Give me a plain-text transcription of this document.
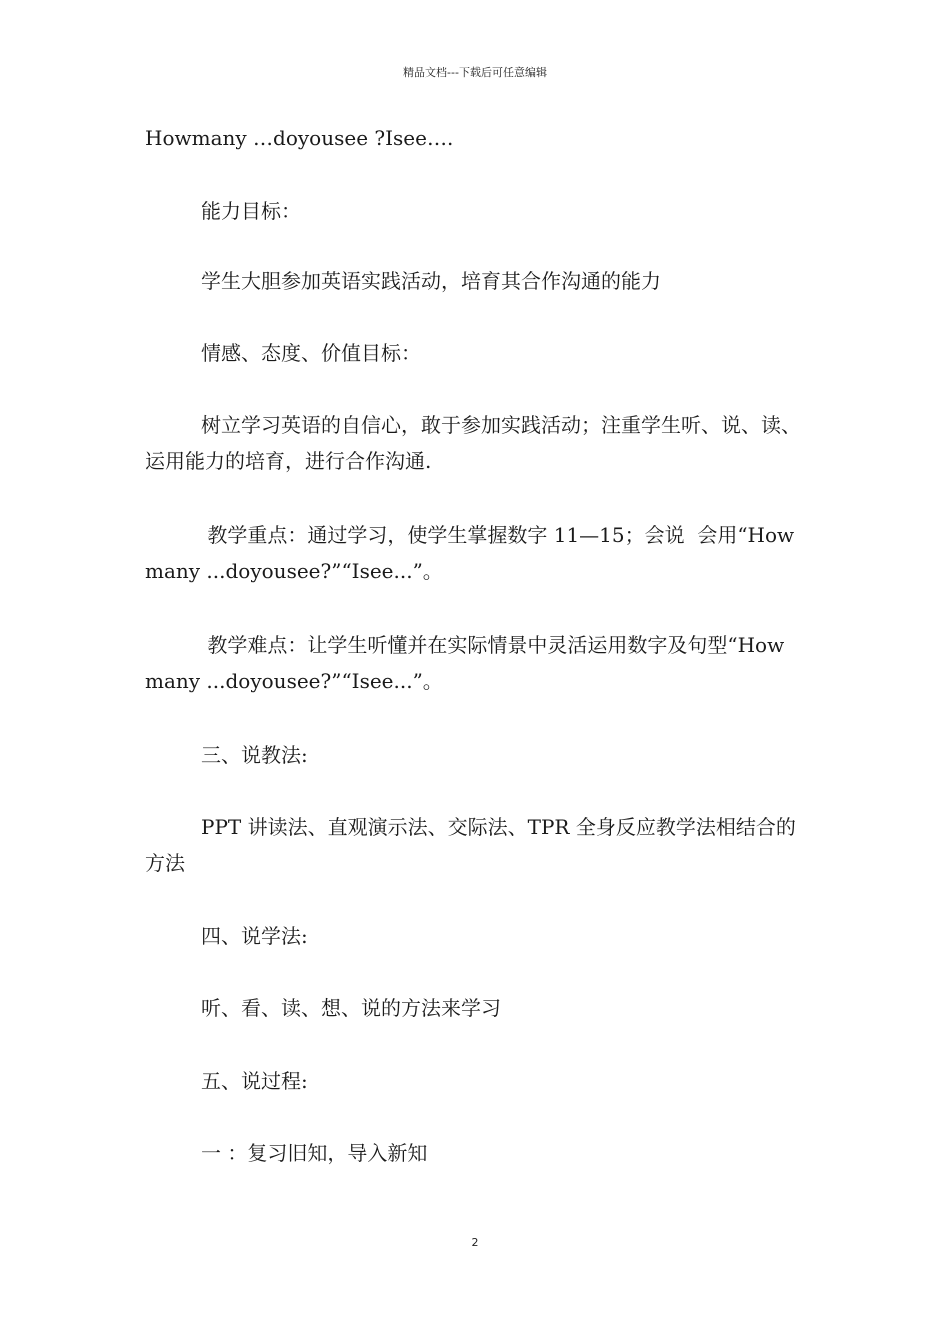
精品文档---下载后可任意编辑
Howmany …doyousee ?Isee….
能力目标：
学生大胆参加英语实践活动，培育其合作沟通的能力
情感、态度、价值目标：
树立学习英语的自信心，敢于参加实践活动；注重学生听、说、读、运用能力的培育，进行合作沟通.
教学重点：通过学习，使学生掌握数字 11—15；会说  会用“How many ...doyousee?”“Isee...”。
教学难点：让学生听懂并在实际情景中灵活运用数字及句型“How many ...doyousee?”“Isee...”。
三、说教法:
PPT 讲读法、直观演示法、交际法、TPR 全身反应教学法相结合的方法
四、说学法:
听、看、读、想、说的方法来学习
五、说过程:
一 ：复习旧知，导入新知
2
